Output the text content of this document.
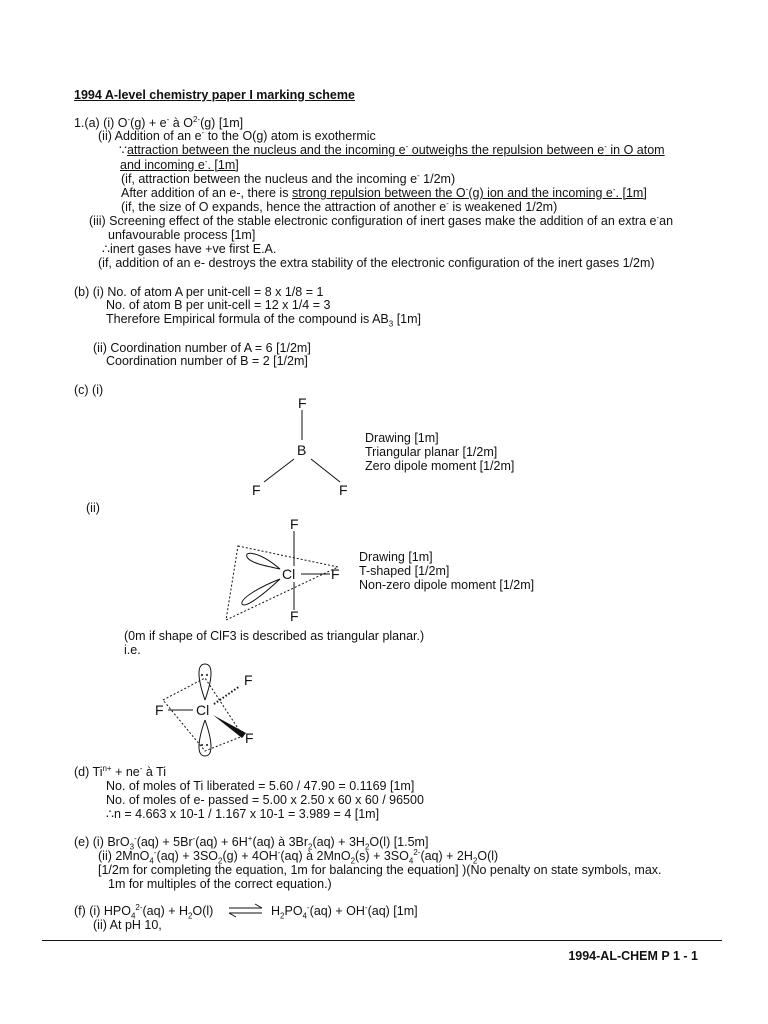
1994 A-level chemistry paper I marking scheme
1.(a) (i) O-(g) + e- à $O^{2-}(g)$ [1m]
(ii) Addition of an e- to the O(g) atom is exothermic
∵attraction between the nucleus and the incoming e- outweighs the repulsion between e- in O atom
and incoming e-. [1m]
(if, attraction between the nucleus and the incoming e- 1/2m)
After addition of an e-, there is strong repulsion between the O-(g) ion and the incoming e-. [1m]
(if, the size of O expands, hence the attraction of another e- is weakened 1/2m)
(iii) Screening effect of the stable electronic configuration of inert gases make the addition of an extra e-an
unfavourable process [1m]
∴inert gases have +ve first E.A.
(if, addition of an e- destroys the extra stability of the electronic configuration of the inert gases 1/2m)
(b) (i) No. of atom A per unit-cell = 8 x 1/8 = 1
No. of atom B per unit-cell = 12 x 1/4 = 3
Therefore Empirical formula of the compound is $AB_3$ [1m]
(ii) Coordination number of A = 6 [1/2m]
Coordination number of B = 2 [1/2m]
(c) (i)
F
B
F	F
F
Cl	F
F
F Cl
F
F
Drawing [1m]
Triangular planar [1/2m]
Zero dipole moment [1/2m]
(ii)
Drawing [1m]
T-shaped [1/2m]
Non-zero dipole moment [1/2m]
(0m if shape of ClF3 is described as triangular planar.)
i.e.
(d) $Ti^{n+} + ne^-$ à Ti
No. of moles of Ti liberated = 5.60 / 47.90 = 0.1169 [1m]
No. of moles of e- passed = 5.00 x 2.50 x 60 x 60 / 96500
∴n = 4.663 x 10-1 / 1.167 x 10-1 = 3.989 = 4 [1m]
(e) (i) BrO$_3$-(aq) + 5Br-(aq) + 6H+(aq) à $3Br_2(aq) + 3H_2O(l)$ [1.5m]
(ii) $2MnO_4^-(aq) + 3SO_2(g) + 4OH^-(aq)$ à $2MnO_2(s) + 3SO_4^{2-}(aq) + 2H_2O(l)$
[1/2m for completing the equation, 1m for balancing the equation] )(No penalty on state symbols, max.
1m for multiples of the correct equation.)
(f) (i) $HPO_4^{2-}(aq) + H_2O(l)$	$H_2PO_4^-(aq) + OH^-(aq)$ [1m]
(ii) At pH 10,
1994-AL-CHEM P 1 - 1
